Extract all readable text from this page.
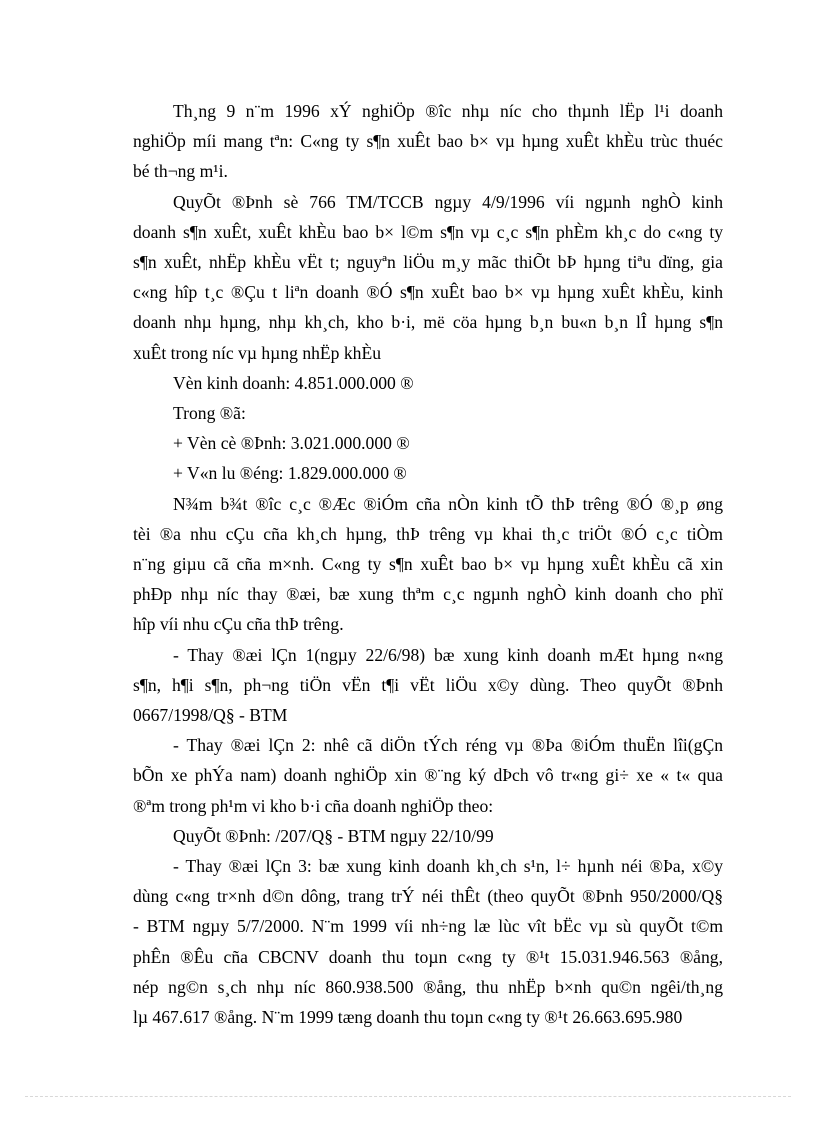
Th¸ng 9 n¨m 1996 xÝ nghiÖp ®îc nhµ níc cho thµnh lËp l¹i doanh
nghiÖp míi mang tªn: C«ng ty s¶n xuÊt bao b× vµ hµng xuÊt khÈu trùc thuéc
bé th¬ng m¹i.

QuyÕt ®Þnh sè 766 TM/TCCB ngµy 4/9/1996 víi ngµnh nghÒ kinh
doanh s¶n xuÊt, xuÊt khÈu bao b× l©m s¶n vµ c¸c s¶n phÈm kh¸c do c«ng ty
s¶n xuÊt, nhËp khÈu vËt t; nguyªn liÖu m¸y mãc thiÕt bÞ hµng tiªu dïng, gia
c«ng hîp t¸c ®Çu t liªn doanh ®Ó s¶n xuÊt bao b× vµ hµng xuÊt khÈu, kinh
doanh nhµ hµng, nhµ kh¸ch, kho b·i, më cöa hµng b¸n bu«n b¸n lÎ hµng s¶n
xuÊt trong níc vµ hµng nhËp khÈu

Vèn kinh doanh: 4.851.000.000 ®

Trong ®ã:

+ Vèn cè ®Þnh: 3.021.000.000 ®

+ V«n lu ®éng: 1.829.000.000 ®

N¾m b¾t ®îc c¸c ®Æc ®iÓm cña nÒn kinh tÕ thÞ trêng ®Ó ®¸p øng
tèi ®a nhu cÇu cña kh¸ch hµng, thÞ trêng vµ khai th¸c triÖt ®Ó c¸c tiÒm
n¨ng giµu cã cña m×nh. C«ng ty s¶n xuÊt bao b× vµ hµng xuÊt khÈu cã xin
phÐp nhµ níc thay ®æi, bæ xung thªm c¸c ngµnh nghÒ kinh doanh cho phï
hîp víi nhu cÇu cña thÞ trêng.

- Thay ®æi lÇn 1(ngµy 22/6/98) bæ xung kinh doanh mÆt hµng n«ng
s¶n, h¶i s¶n, ph¬ng tiÖn vËn t¶i vËt liÖu x©y dùng. Theo quyÕt ®Þnh
0667/1998/Q§ - BTM

- Thay ®æi lÇn 2: nhê cã diÖn tÝch réng vµ ®Þa ®iÓm thuËn lîi(gÇn
bÕn xe phÝa nam) doanh nghiÖp xin ®¨ng ký dÞch vô tr«ng gi÷ xe « t« qua
®ªm trong ph¹m vi kho b·i cña doanh nghiÖp theo:

QuyÕt ®Þnh: /207/Q§ - BTM ngµy 22/10/99

- Thay ®æi lÇn 3: bæ xung kinh doanh kh¸ch s¹n, l÷ hµnh néi ®Þa, x©y
dùng c«ng tr×nh d©n dông, trang trÝ néi thÊt (theo quyÕt ®Þnh 950/2000/Q§
- BTM ngµy 5/7/2000. N¨m 1999 víi nh÷ng læ lùc vît bËc vµ sù quyÕt t©m
phÊn ®Êu cña CBCNV doanh thu toµn c«ng ty ®¹t 15.031.946.563 ®ång,
nép ng©n s¸ch nhµ níc 860.938.500 ®ång, thu nhËp b×nh qu©n ngêi/th¸ng
lµ 467.617 ®ång. N¨m 1999 tæng doanh thu toµn c«ng ty ®¹t 26.663.695.980
